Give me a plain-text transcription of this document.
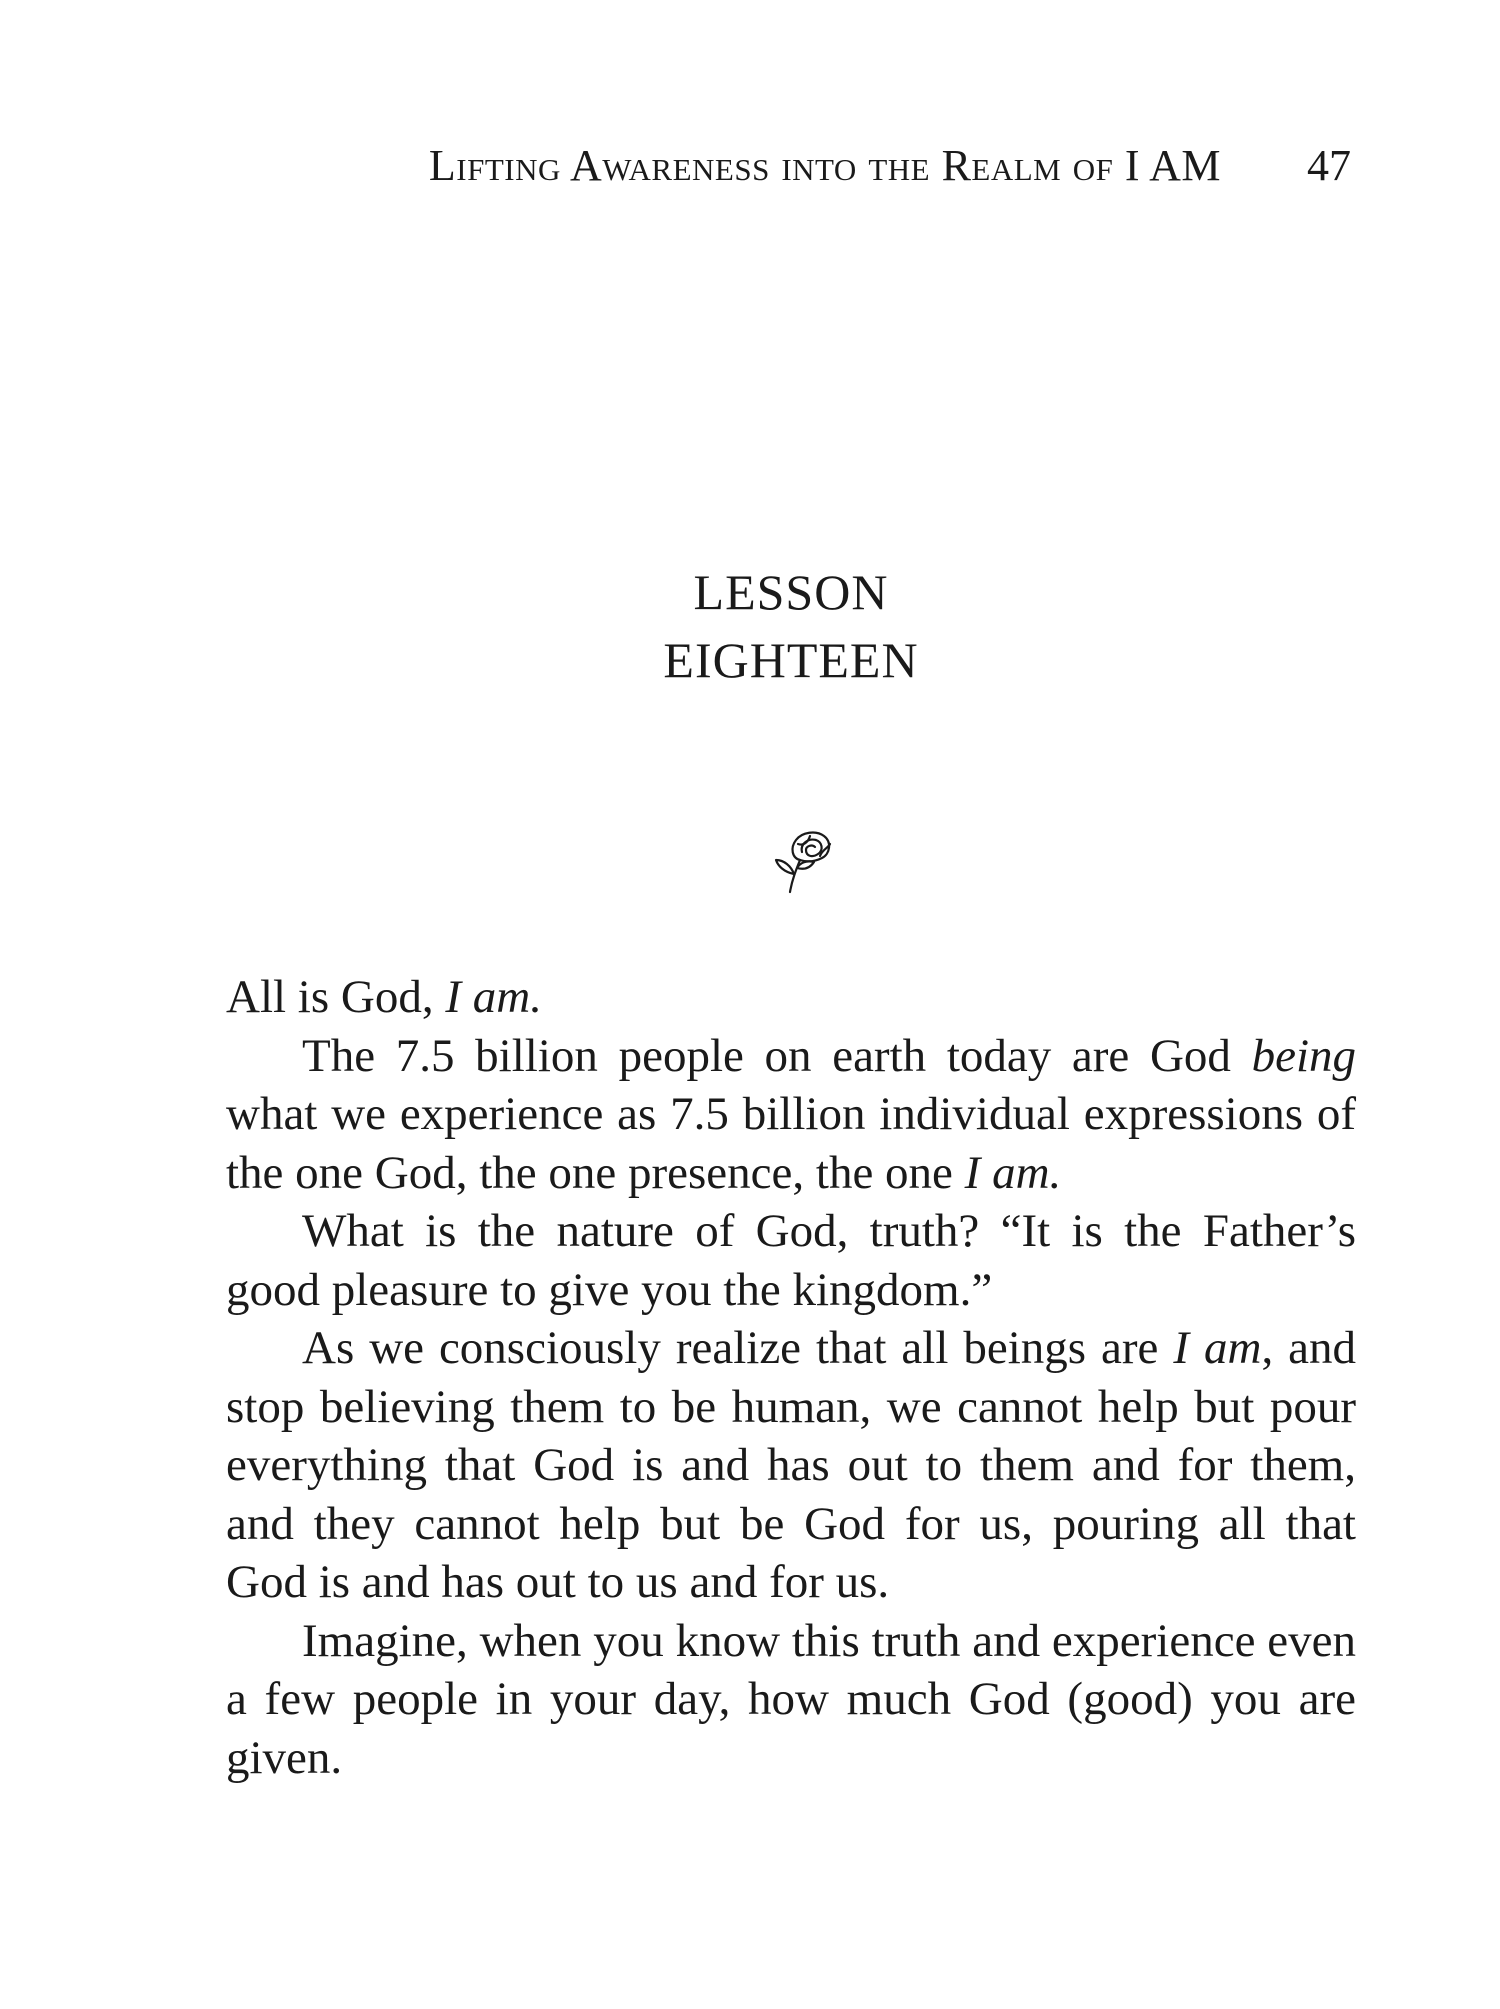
Lifting Awareness into the Realm of I AM 47
LESSON
EIGHTEEN

All is God, I am.

The 7.5 billion people on earth today are God being what we experience as 7.5 billion individual expressions of the one God, the one presence, the one I am.

What is the nature of God, truth? “It is the Father’s good pleasure to give you the kingdom.”

As we consciously realize that all beings are I am, and stop believing them to be human, we cannot help but pour everything that God is and has out to them and for them, and they cannot help but be God for us, pouring all that God is and has out to us and for us.

Imagine, when you know this truth and experience even a few people in your day, how much God (good) you are given.
